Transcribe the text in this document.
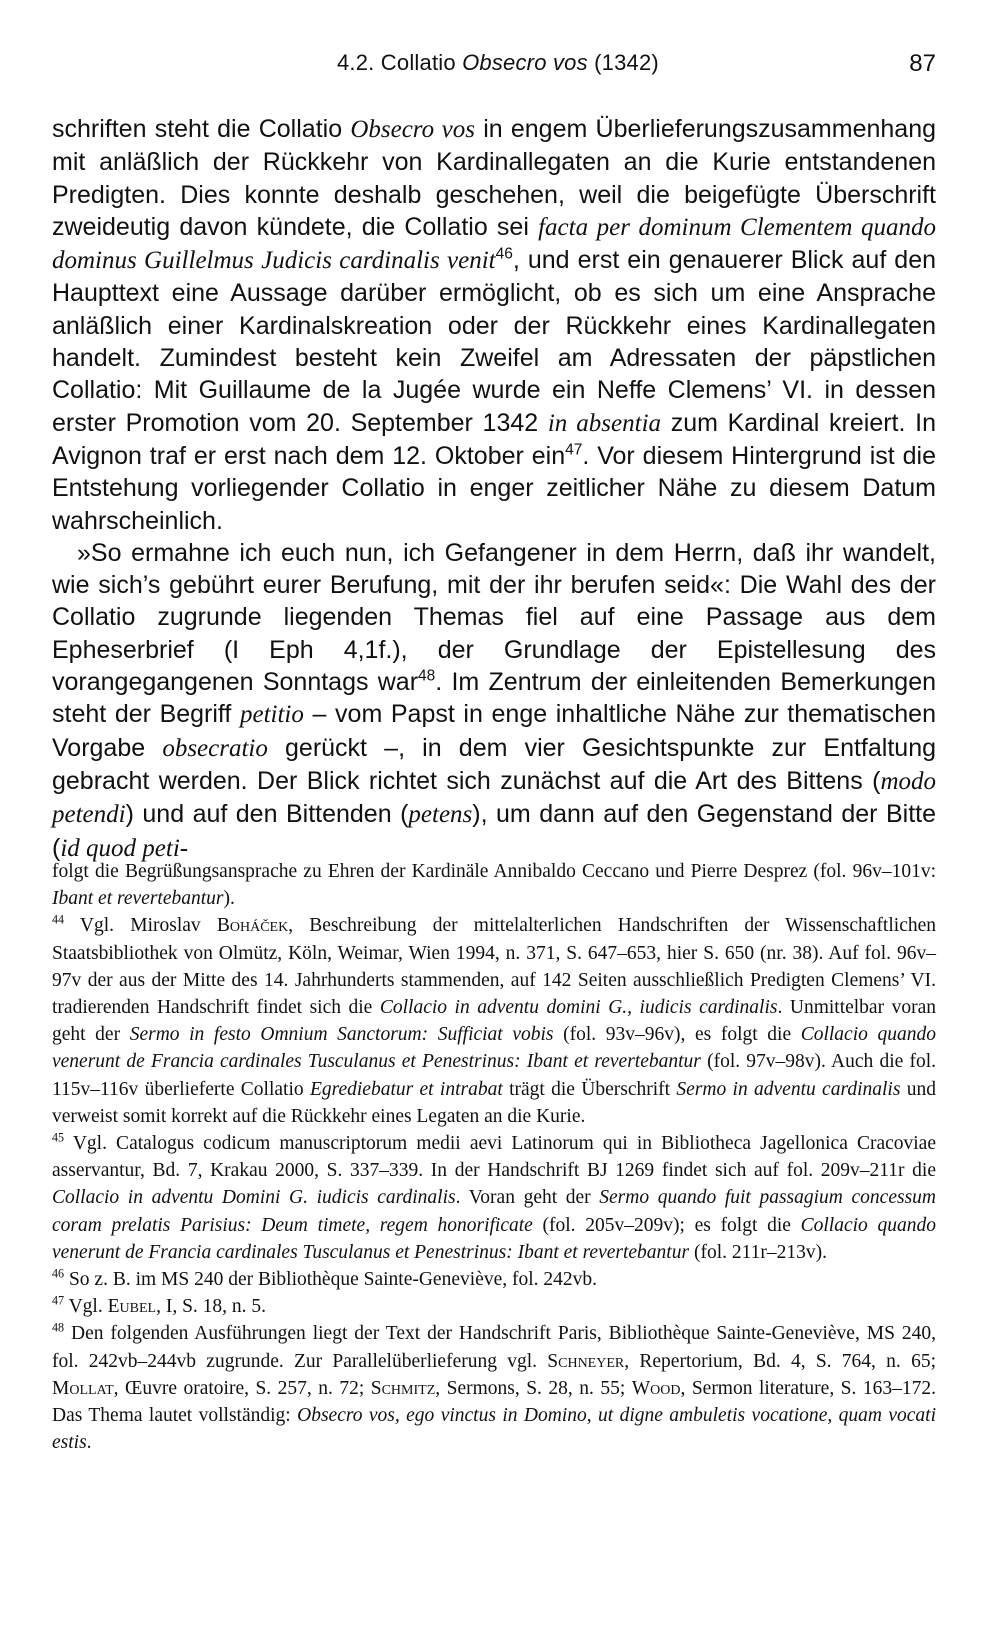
4.2. Collatio Obsecro vos (1342)	87

schriften steht die Collatio Obsecro vos in engem Überlieferungszusammenhang mit anläßlich der Rückkehr von Kardinallegaten an die Kurie entstandenen Predigten. Dies konnte deshalb geschehen, weil die beigefügte Überschrift zweideutig davon kündete, die Collatio sei facta per dominum Clementem quando dominus Guillelmus Judicis cardinalis venit$^{46}$, und erst ein genauerer Blick auf den Haupttext eine Aussage darüber ermöglicht, ob es sich um eine Ansprache anläßlich einer Kardinalskreation oder der Rückkehr eines Kardinallegaten handelt. Zumindest besteht kein Zweifel am Adressaten der päpstlichen Collatio: Mit Guillaume de la Jugée wurde ein Neffe Clemens’ VI. in dessen erster Promotion vom 20. September 1342 in absentia zum Kardinal kreiert. In Avignon traf er erst nach dem 12. Oktober ein$^{47}$. Vor diesem Hintergrund ist die Entstehung vorliegender Collatio in enger zeitlicher Nähe zu diesem Datum wahrscheinlich.

»So ermahne ich euch nun, ich Gefangener in dem Herrn, daß ihr wandelt, wie sich’s gebührt eurer Berufung, mit der ihr berufen seid«: Die Wahl des der Collatio zugrunde liegenden Themas fiel auf eine Passage aus dem Epheserbrief (I Eph 4,1f.), der Grundlage der Epistellesung des vorangegangenen Sonntags war$^{48}$. Im Zentrum der einleitenden Bemerkungen steht der Begriff petitio – vom Papst in enge inhaltliche Nähe zur thematischen Vorgabe obsecratio gerückt –, in dem vier Gesichtspunkte zur Entfaltung gebracht werden. Der Blick richtet sich zunächst auf die Art des Bittens (modo petendi) und auf den Bittenden (petens), um dann auf den Gegenstand der Bitte (id quod peti-

folgt die Begrüßungsansprache zu Ehren der Kardinäle Annibaldo Ceccano und Pierre Desprez (fol. 96v–101v: Ibant et revertebantur).

$^{44}$ Vgl. Miroslav Boháček, Beschreibung der mittelalterlichen Handschriften der Wissenschaftlichen Staatsbibliothek von Olmütz, Köln, Weimar, Wien 1994, n. 371, S. 647–653, hier S. 650 (nr. 38). Auf fol. 96v–97v der aus der Mitte des 14. Jahrhunderts stammenden, auf 142 Seiten ausschließlich Predigten Clemens’ VI. tradierenden Handschrift findet sich die Collacio in adventu domini G., iudicis cardinalis. Unmittelbar voran geht der Sermo in festo Omnium Sanctorum: Sufficiat vobis (fol. 93v–96v), es folgt die Collacio quando venerunt de Francia cardinales Tusculanus et Penestrinus: Ibant et revertebantur (fol. 97v–98v). Auch die fol. 115v–116v überlieferte Collatio Egrediebatur et intrabat trägt die Überschrift Sermo in adventu cardinalis und verweist somit korrekt auf die Rückkehr eines Legaten an die Kurie.

$^{45}$ Vgl. Catalogus codicum manuscriptorum medii aevi Latinorum qui in Bibliotheca Jagellonica Cracoviae asservantur, Bd. 7, Krakau 2000, S. 337–339. In der Handschrift BJ 1269 findet sich auf fol. 209v–211r die Collacio in adventu Domini G. iudicis cardinalis. Voran geht der Sermo quando fuit passagium concessum coram prelatis Parisius: Deum timete, regem honorificate (fol. 205v–209v); es folgt die Collacio quando venerunt de Francia cardinales Tusculanus et Penestrinus: Ibant et revertebantur (fol. 211r–213v).

$^{46}$ So z. B. im MS 240 der Bibliothèque Sainte-Geneviève, fol. 242vb.

$^{47}$ Vgl. Eubel, I, S. 18, n. 5.

$^{48}$ Den folgenden Ausführungen liegt der Text der Handschrift Paris, Bibliothèque Sainte-Geneviève, MS 240, fol. 242vb–244vb zugrunde. Zur Parallelüberlieferung vgl. Schneyer, Repertorium, Bd. 4, S. 764, n. 65; Mollat, Œuvre oratoire, S. 257, n. 72; Schmitz, Sermons, S. 28, n. 55; Wood, Sermon literature, S. 163–172. Das Thema lautet vollständig: Obsecro vos, ego vinctus in Domino, ut digne ambuletis vocatione, quam vocati estis.
